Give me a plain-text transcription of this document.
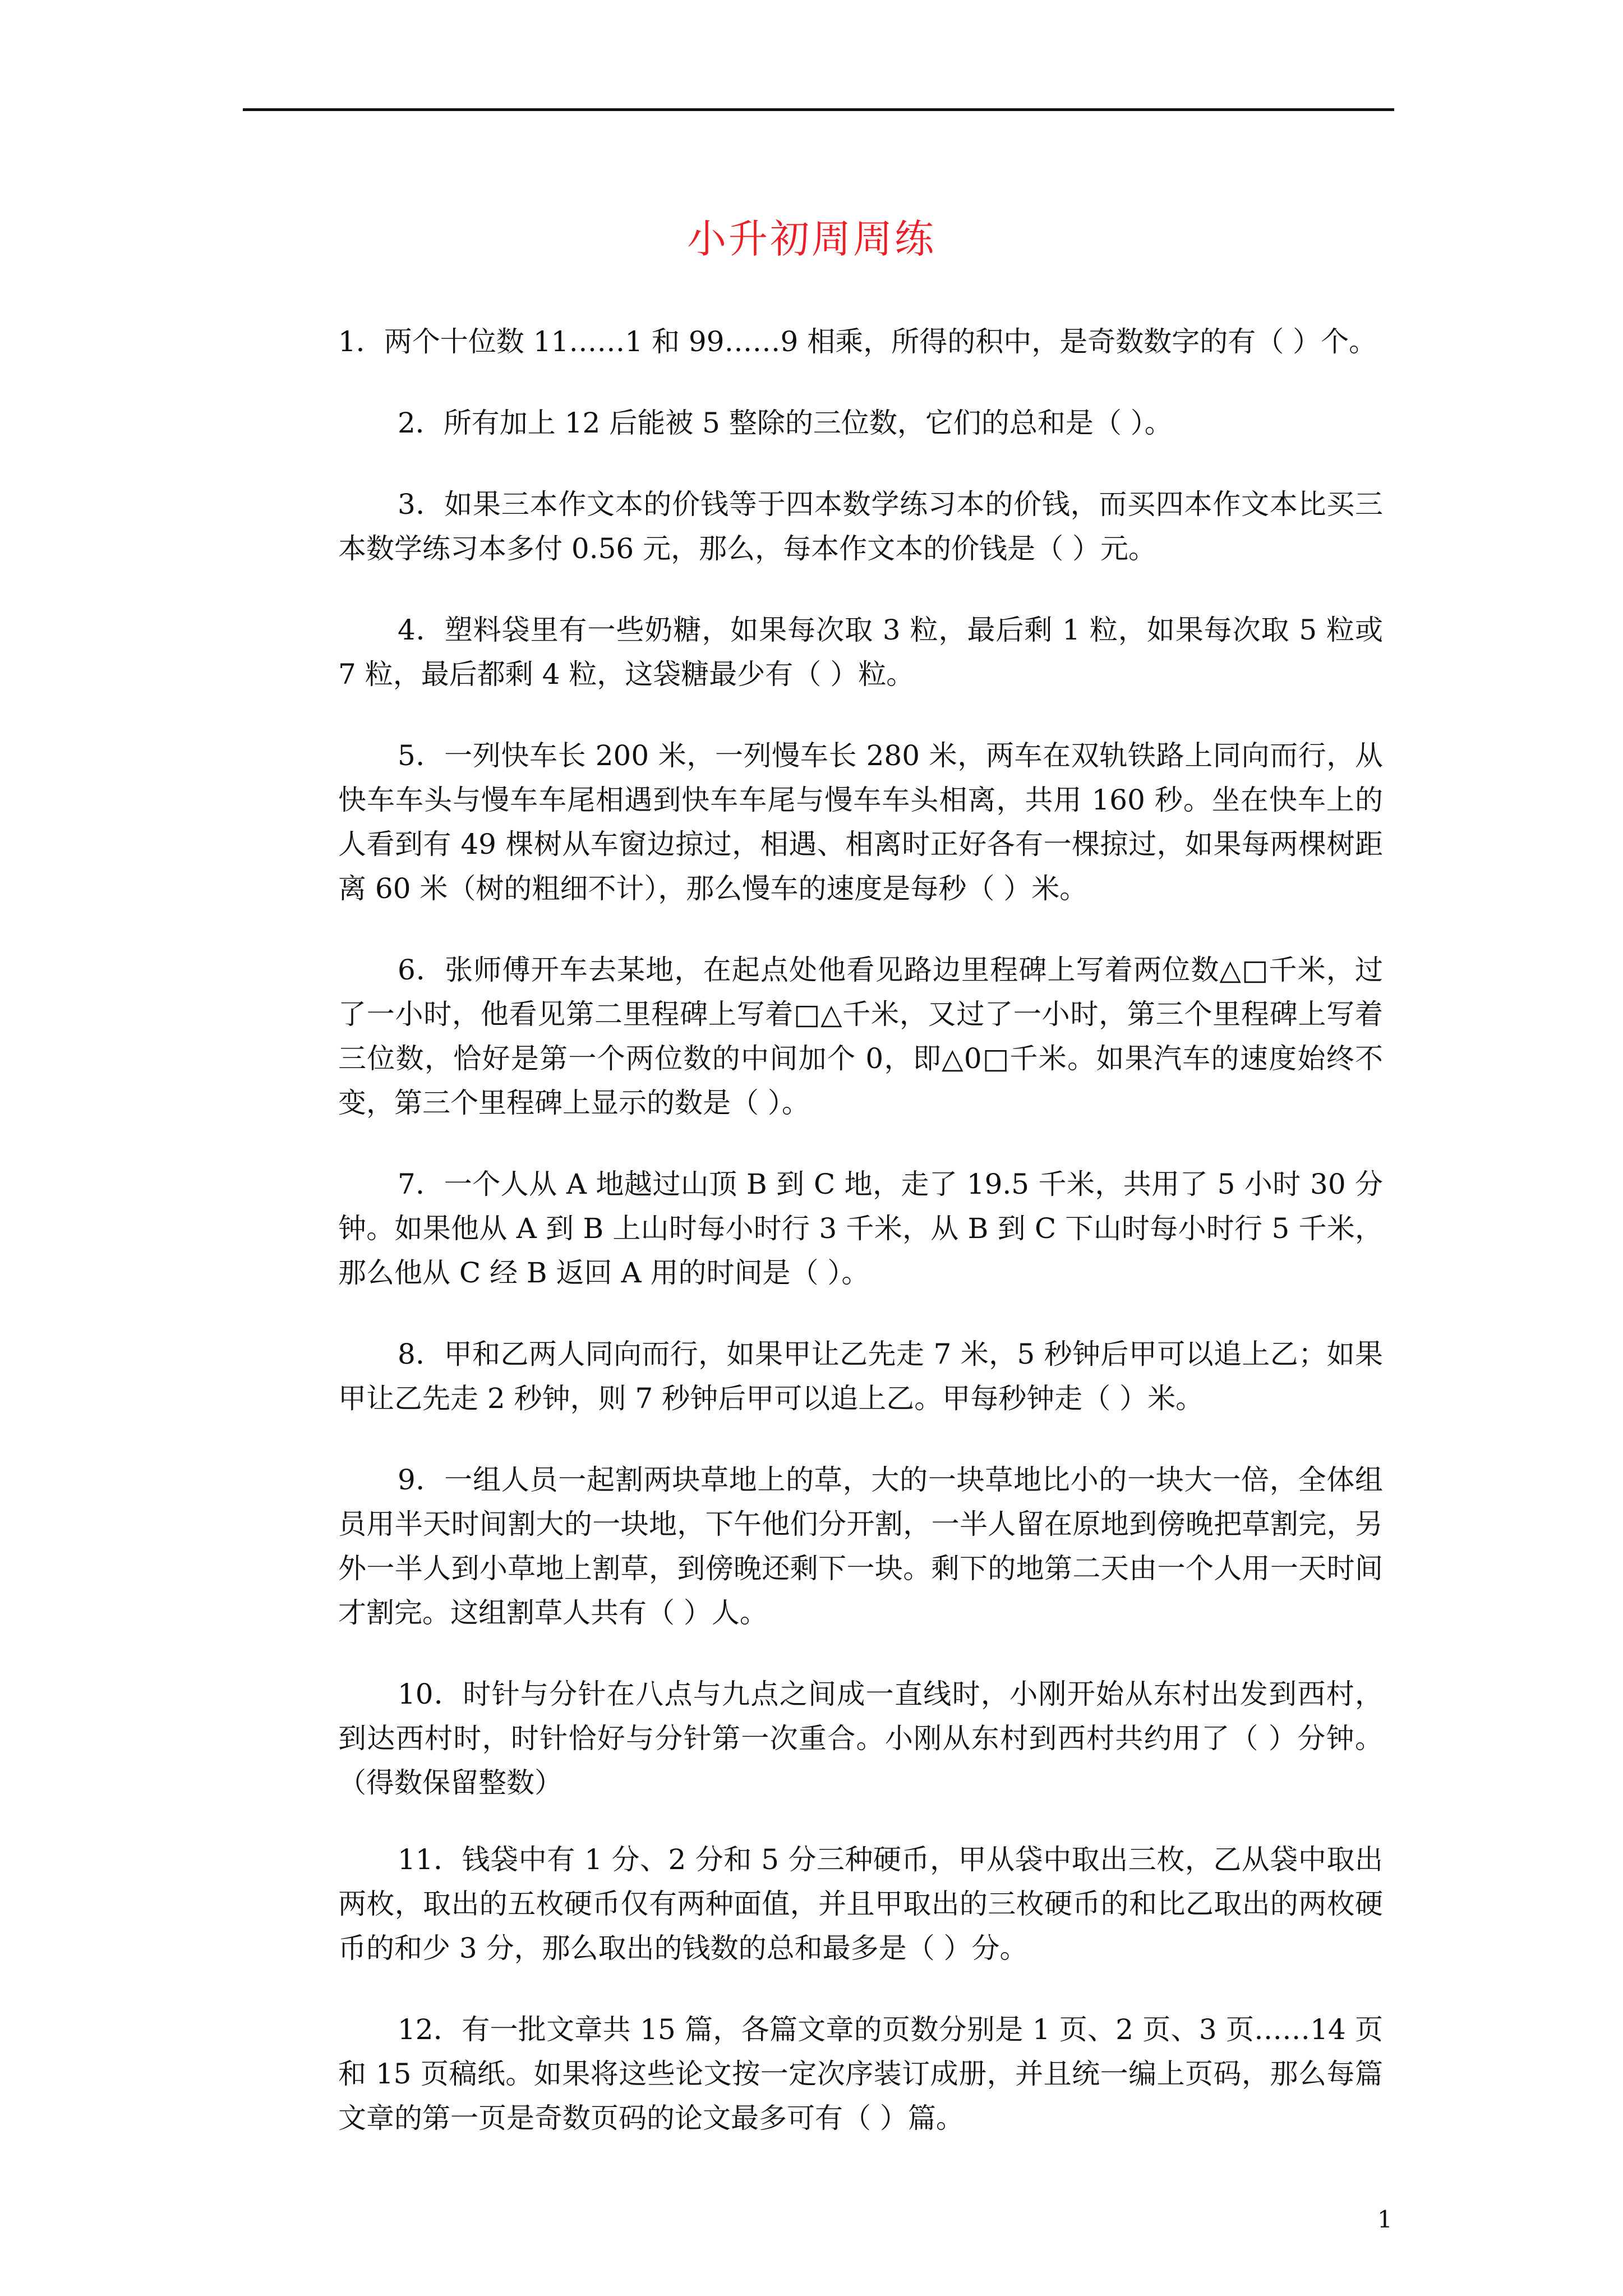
小升初周周练

1．两个十位数 11……1 和 99……9 相乘，所得的积中，是奇数数字的有（ ）个。

2．所有加上 12 后能被 5 整除的三位数，它们的总和是（ ）。

3．如果三本作文本的价钱等于四本数学练习本的价钱，而买四本作文本比买三本数学练习本多付 0.56 元，那么，每本作文本的价钱是（ ）元。

4．塑料袋里有一些奶糖，如果每次取 3 粒，最后剩 1 粒，如果每次取 5 粒或 7 粒，最后都剩 4 粒，这袋糖最少有（ ）粒。

5．一列快车长 200 米，一列慢车长 280 米，两车在双轨铁路上同向而行，从快车车头与慢车车尾相遇到快车车尾与慢车车头相离，共用 160 秒。坐在快车上的人看到有 49 棵树从车窗边掠过，相遇、相离时正好各有一棵掠过，如果每两棵树距离 60 米（树的粗细不计），那么慢车的速度是每秒（ ）米。

6．张师傅开车去某地，在起点处他看见路边里程碑上写着两位数△□千米，过了一小时，他看见第二里程碑上写着□△千米，又过了一小时，第三个里程碑上写着三位数，恰好是第一个两位数的中间加个 0，即△0□千米。如果汽车的速度始终不变，第三个里程碑上显示的数是（ ）。

7．一个人从 A 地越过山顶 B 到 C 地，走了 19.5 千米，共用了 5 小时 30 分钟。如果他从 A 到 B 上山时每小时行 3 千米，从 B 到 C 下山时每小时行 5 千米，那么他从 C 经 B 返回 A 用的时间是（ ）。

8．甲和乙两人同向而行，如果甲让乙先走 7 米，5 秒钟后甲可以追上乙；如果甲让乙先走 2 秒钟，则 7 秒钟后甲可以追上乙。甲每秒钟走（ ）米。

9．一组人员一起割两块草地上的草，大的一块草地比小的一块大一倍，全体组员用半天时间割大的一块地，下午他们分开割，一半人留在原地到傍晚把草割完，另外一半人到小草地上割草，到傍晚还剩下一块。剩下的地第二天由一个人用一天时间才割完。这组割草人共有（ ）人。

10．时针与分针在八点与九点之间成一直线时，小刚开始从东村出发到西村，到达西村时，时针恰好与分针第一次重合。小刚从东村到西村共约用了（ ）分钟。（得数保留整数）

11．钱袋中有 1 分、2 分和 5 分三种硬币，甲从袋中取出三枚，乙从袋中取出两枚，取出的五枚硬币仅有两种面值，并且甲取出的三枚硬币的和比乙取出的两枚硬币的和少 3 分，那么取出的钱数的总和最多是（ ）分。

12．有一批文章共 15 篇，各篇文章的页数分别是 1 页、2 页、3 页……14 页和 15 页稿纸。如果将这些论文按一定次序装订成册，并且统一编上页码，那么每篇文章的第一页是奇数页码的论文最多可有（ ）篇。

1
